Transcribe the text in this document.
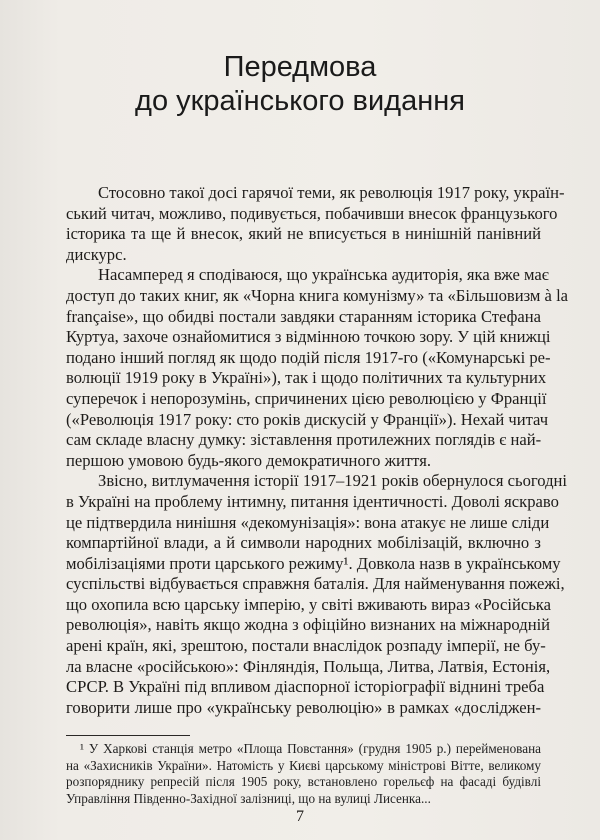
Передмова
до українського видання

Стосовно такої досі гарячої теми, як революція 1917 року, україн-
ський читач, можливо, подивується, побачивши внесок французького
історика та ще й внесок, який не вписується в нинішній панівний
дискурс.

Насамперед я сподіваюся, що українська аудиторія, яка вже має
доступ до таких книг, як «Чорна книга комунізму» та «Більшовизм à la
française», що обидві постали завдяки старанням історика Стефана
Куртуа, захоче ознайомитися з відмінною точкою зору. У цій книжці
подано інший погляд як щодо подій після 1917-го («Комунарські ре-
волюції 1919 року в Україні»), так і щодо політичних та культурних
суперечок і непорозумінь, спричинених цією революцією у Франції
(«Революція 1917 року: сто років дискусій у Франції»). Нехай читач
сам складе власну думку: зіставлення протилежних поглядів є най-
першою умовою будь-якого демократичного життя.

Звісно, витлумачення історії 1917–1921 років обернулося сьогодні
в Україні на проблему інтимну, питання ідентичності. Доволі яскраво
це підтвердила нинішня «декомунізація»: вона атакує не лише сліди
компартійної влади, а й символи народних мобілізацій, включно з
мобілізаціями проти царського режиму¹. Довкола назв в українському
суспільстві відбувається справжня баталія. Для найменування пожежі,
що охопила всю царську імперію, у світі вживають вираз «Російська
революція», навіть якщо жодна з офіційно визнаних на міжнародній
арені країн, які, зрештою, постали внаслідок розпаду імперії, не бу-
ла власне «російською»: Фінляндія, Польща, Литва, Латвія, Естонія,
СРСР. В Україні під впливом діаспорної історіографії віднині треба
говорити лише про «українську революцію» в рамках «досліджен-

¹ У Харкові станція метро «Площа Повстання» (грудня 1905 р.) перейменована
на «Захисників України». Натомість у Києві царському міністрові Вітте, великому
розпоряднику репресій після 1905 року, встановлено горельєф на фасаді будівлі
Управління Південно-Західної залізниці, що на вулиці Лисенка...
7
